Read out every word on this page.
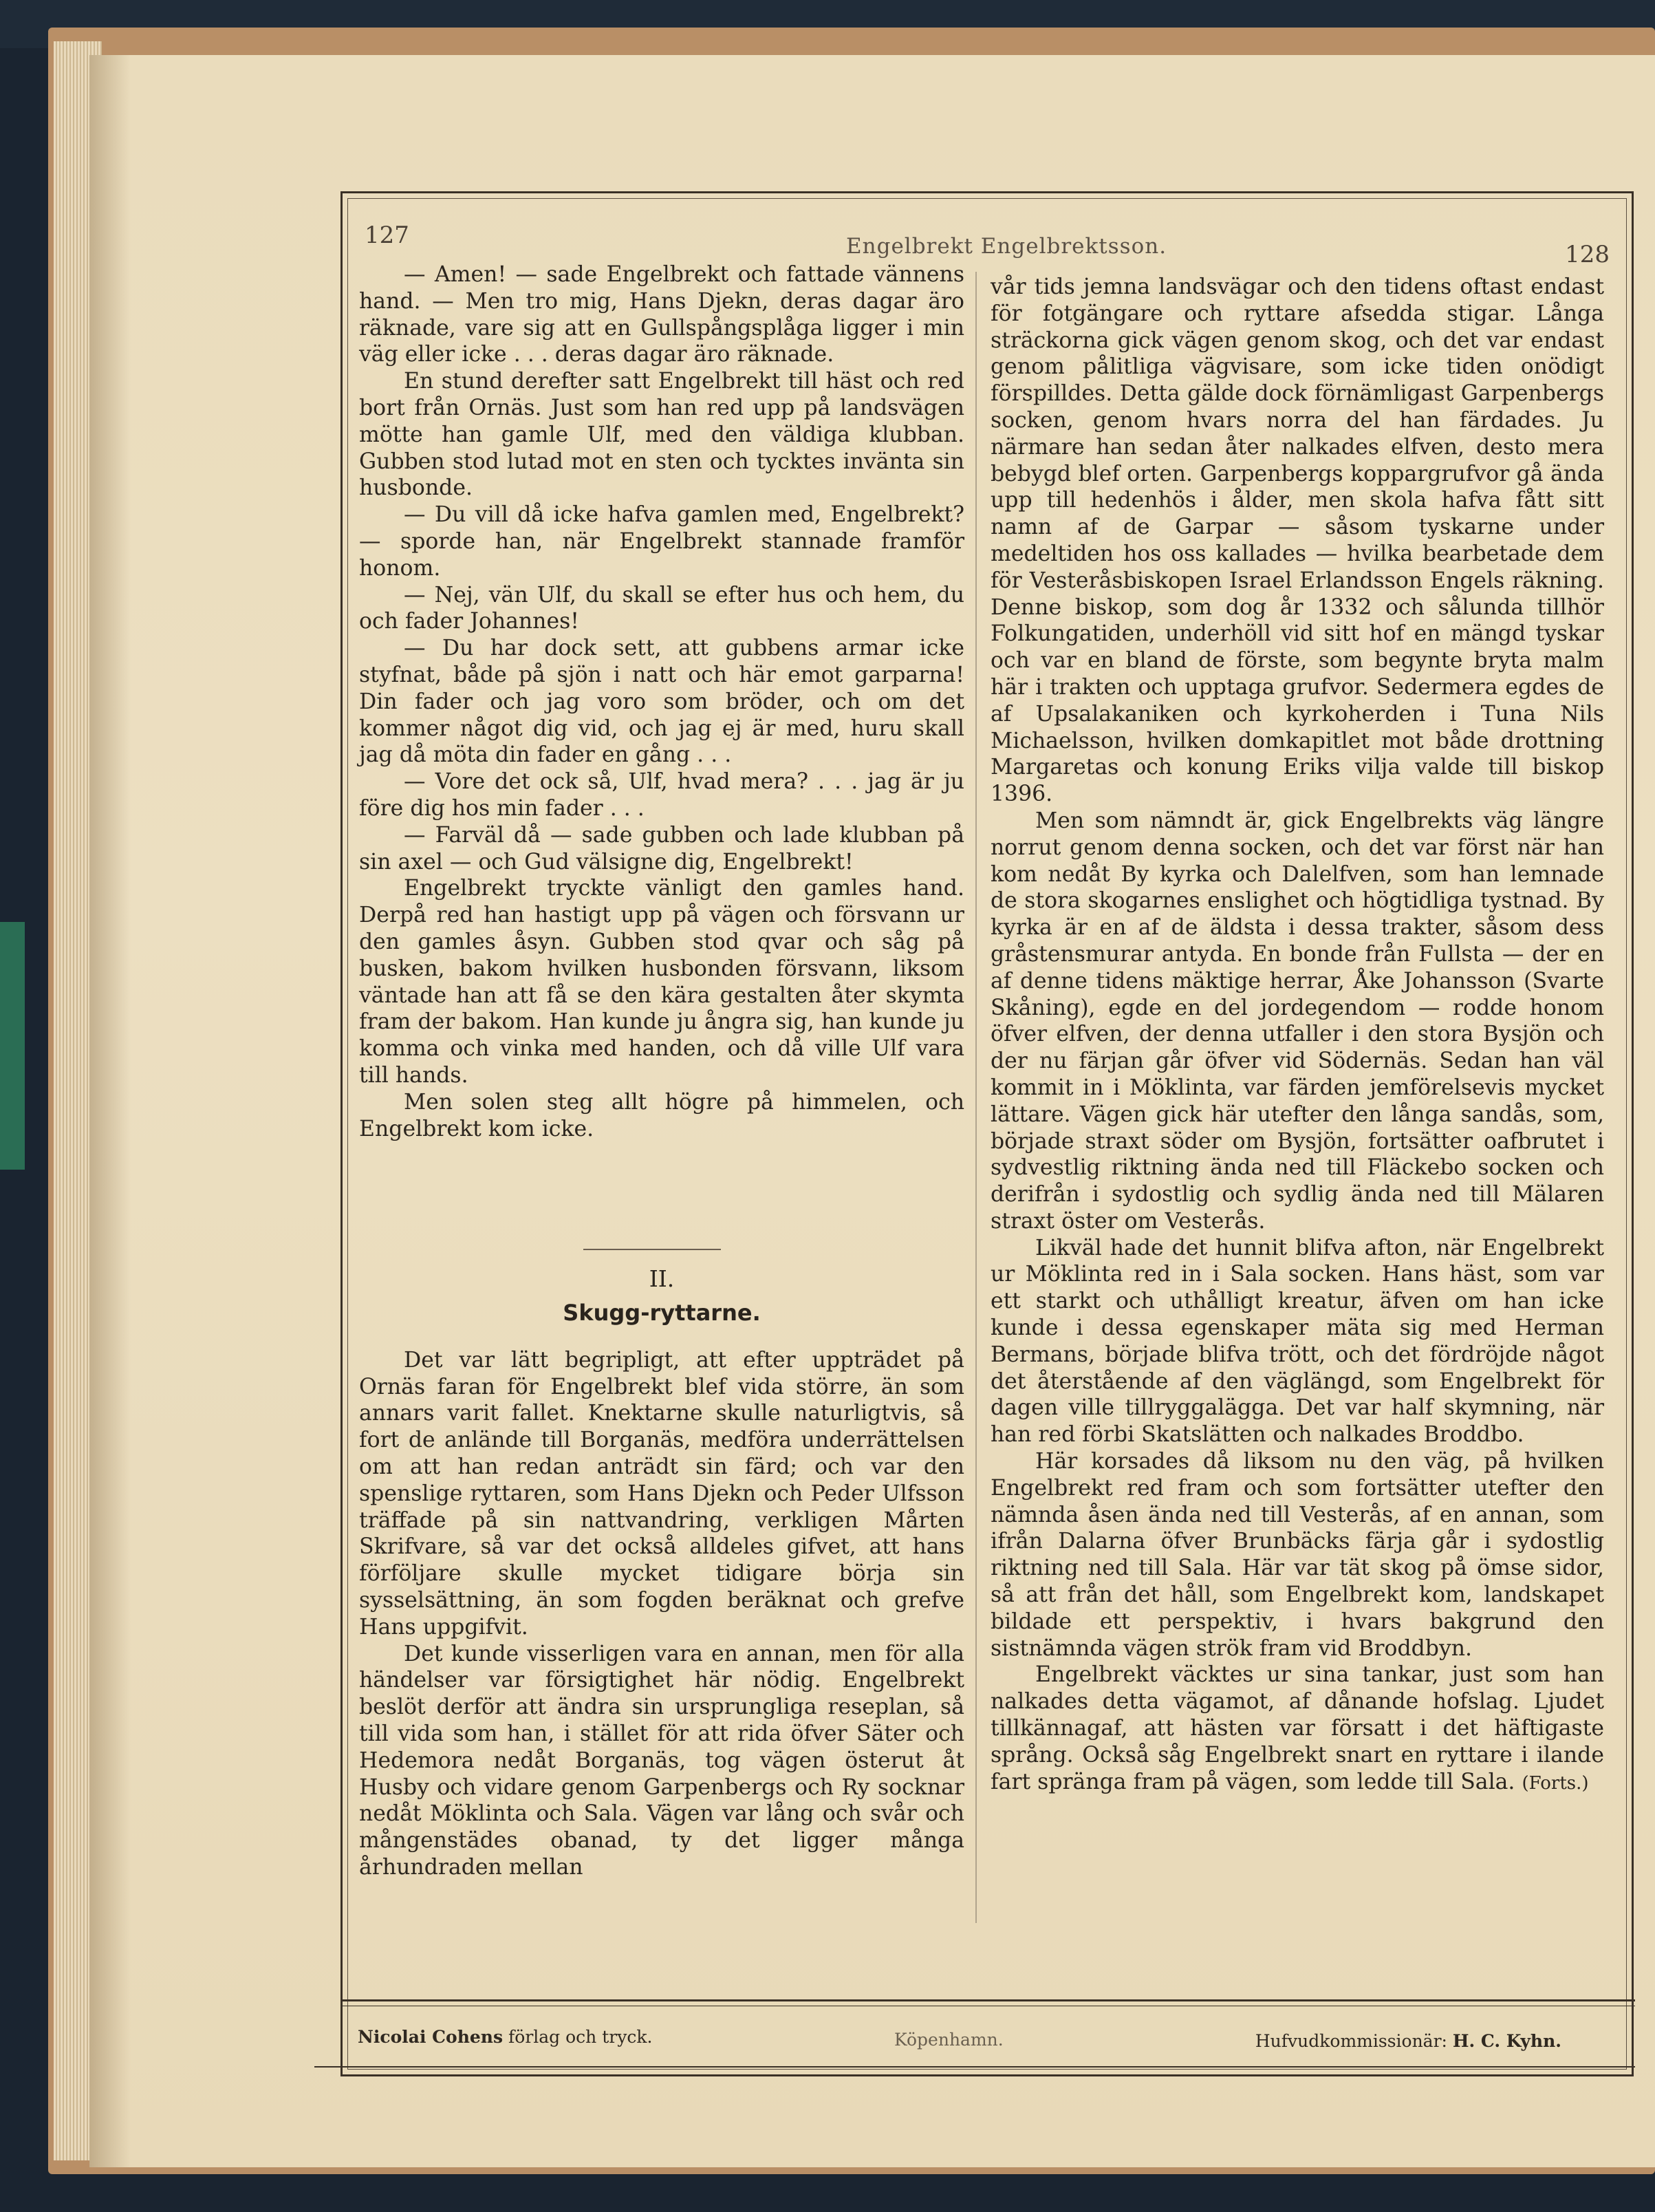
127	Engelbrekt Engelbrektsson.	128

— Amen! — sade Engelbrekt och fattade vännens hand. — Men tro mig, Hans Djekn, deras dagar äro räknade, vare sig att en Gullspångsplåga ligger i min väg eller icke . . . deras dagar äro räknade.

En stund derefter satt Engelbrekt till häst och red bort från Ornäs. Just som han red upp på landsvägen mötte han gamle Ulf, med den väldiga klubban. Gubben stod lutad mot en sten och tycktes invänta sin husbonde.

— Du vill då icke hafva gamlen med, Engelbrekt? — sporde han, när Engelbrekt stannade framför honom.

— Nej, vän Ulf, du skall se efter hus och hem, du och fader Johannes!

— Du har dock sett, att gubbens armar icke styfnat, både på sjön i natt och här emot garparna! Din fader och jag voro som bröder, och om det kommer något dig vid, och jag ej är med, huru skall jag då möta din fader en gång . . .

— Vore det ock så, Ulf, hvad mera? . . . jag är ju före dig hos min fader . . .

— Farväl då — sade gubben och lade klubban på sin axel — och Gud välsigne dig, Engelbrekt!

Engelbrekt tryckte vänligt den gamles hand. Derpå red han hastigt upp på vägen och försvann ur den gamles åsyn. Gubben stod qvar och såg på busken, bakom hvilken husbonden försvann, liksom väntade han att få se den kära gestalten åter skymta fram der bakom. Han kunde ju ångra sig, han kunde ju komma och vinka med handen, och då ville Ulf vara till hands.

Men solen steg allt högre på himmelen, och Engelbrekt kom icke.

II.

Skugg-ryttarne.

Det var lätt begripligt, att efter uppträdet på Ornäs faran för Engelbrekt blef vida större, än som annars varit fallet. Knektarne skulle naturligtvis, så fort de anlände till Borganäs, medföra underrättelsen om att han redan anträdt sin färd; och var den spenslige ryttaren, som Hans Djekn och Peder Ulfsson träffade på sin nattvandring, verkligen Mårten Skrifvare, så var det också alldeles gifvet, att hans förföljare skulle mycket tidigare börja sin sysselsättning, än som fogden beräknat och grefve Hans uppgifvit.

Det kunde visserligen vara en annan, men för alla händelser var försigtighet här nödig. Engelbrekt beslöt derför att ändra sin ursprungliga reseplan, så till vida som han, i stället för att rida öfver Säter och Hedemora nedåt Borganäs, tog vägen österut åt Husby och vidare genom Garpenbergs och Ry socknar nedåt Möklinta och Sala. Vägen var lång och svår och mångenstädes obanad, ty det ligger många århundraden mellan

vår tids jemna landsvägar och den tidens oftast endast för fotgängare och ryttare afsedda stigar. Långa sträckorna gick vägen genom skog, och det var endast genom pålitliga vägvisare, som icke tiden onödigt förspilldes. Detta gälde dock förnämligast Garpenbergs socken, genom hvars norra del han färdades. Ju närmare han sedan åter nalkades elfven, desto mera bebygd blef orten. Garpenbergs koppargrufvor gå ända upp till hedenhös i ålder, men skola hafva fått sitt namn af de Garpar — såsom tyskarne under medeltiden hos oss kallades — hvilka bearbetade dem för Vesteråsbiskopen Israel Erlandsson Engels räkning. Denne biskop, som dog år 1332 och sålunda tillhör Folkungatiden, underhöll vid sitt hof en mängd tyskar och var en bland de förste, som begynte bryta malm här i trakten och upptaga grufvor. Sedermera egdes de af Upsalakaniken och kyrkoherden i Tuna Nils Michaelsson, hvilken domkapitlet mot både drottning Margaretas och konung Eriks vilja valde till biskop 1396.

Men som nämndt är, gick Engelbrekts väg längre norrut genom denna socken, och det var först när han kom nedåt By kyrka och Dalelfven, som han lemnade de stora skogarnes enslighet och högtidliga tystnad. By kyrka är en af de äldsta i dessa trakter, såsom dess gråstensmurar antyda. En bonde från Fullsta — der en af denne tidens mäktige herrar, Åke Johansson (Svarte Skåning), egde en del jordegendom — rodde honom öfver elfven, der denna utfaller i den stora Bysjön och der nu färjan går öfver vid Södernäs. Sedan han väl kommit in i Möklinta, var färden jemförelsevis mycket lättare. Vägen gick här utefter den långa sandås, som, började straxt söder om Bysjön, fortsätter oafbrutet i sydvestlig riktning ända ned till Fläckebo socken och derifrån i sydostlig och sydlig ända ned till Mälaren straxt öster om Vesterås.

Likväl hade det hunnit blifva afton, när Engelbrekt ur Möklinta red in i Sala socken. Hans häst, som var ett starkt och uthålligt kreatur, äfven om han icke kunde i dessa egenskaper mäta sig med Herman Bermans, började blifva trött, och det fördröjde något det återstående af den väglängd, som Engelbrekt för dagen ville tillryggalägga. Det var half skymning, när han red förbi Skatslätten och nalkades Broddbo.

Här korsades då liksom nu den väg, på hvilken Engelbrekt red fram och som fortsätter utefter den nämnda åsen ända ned till Vesterås, af en annan, som ifrån Dalarna öfver Brunbäcks färja går i sydostlig riktning ned till Sala. Här var tät skog på ömse sidor, så att från det håll, som Engelbrekt kom, landskapet bildade ett perspektiv, i hvars bakgrund den sistnämnda vägen strök fram vid Broddbyn.

Engelbrekt väcktes ur sina tankar, just som han nalkades detta vägamot, af dånande hofslag. Ljudet tillkännagaf, att hästen var försatt i det häftigaste språng. Också såg Engelbrekt snart en ryttare i ilande fart spränga fram på vägen, som ledde till Sala. (Forts.)

Nicolai Cohens förlag och tryck.	Köpenhamn.	Hufvudkommissionär: H. C. Kyhn.
